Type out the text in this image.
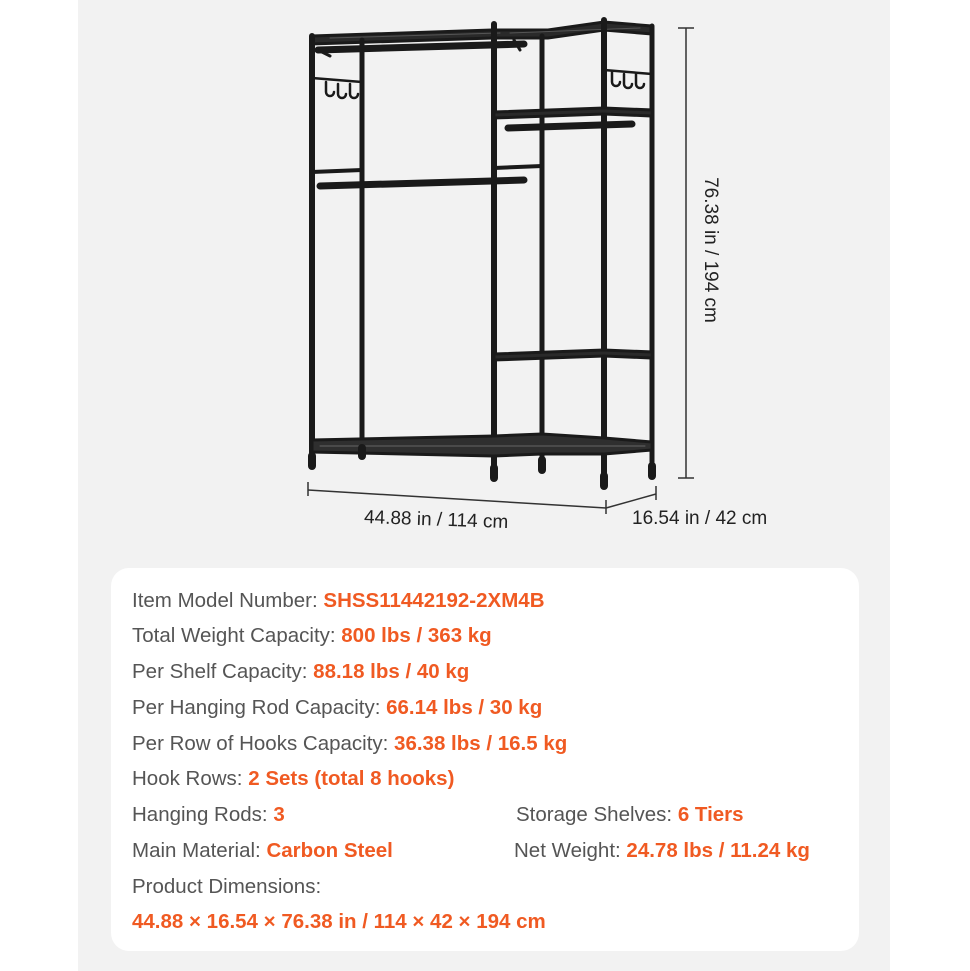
44.88 in / 114 cm	16.54 in / 42 cm
76.38 in / 194 cm
Item Model Number: SHSS11442192-2XM4B
Total Weight Capacity: 800 lbs / 363 kg
Per Shelf Capacity: 88.18 lbs / 40 kg
Per Hanging Rod Capacity: 66.14 lbs / 30 kg
Per Row of Hooks Capacity: 36.38 lbs / 16.5 kg
Hook Rows: 2 Sets (total 8 hooks)
Hanging Rods: 3	Storage Shelves: 6 Tiers
Main Material: Carbon Steel	Net Weight: 24.78 lbs / 11.24 kg
Product Dimensions:
44.88 × 16.54 × 76.38 in / 114 × 42 × 194 cm
